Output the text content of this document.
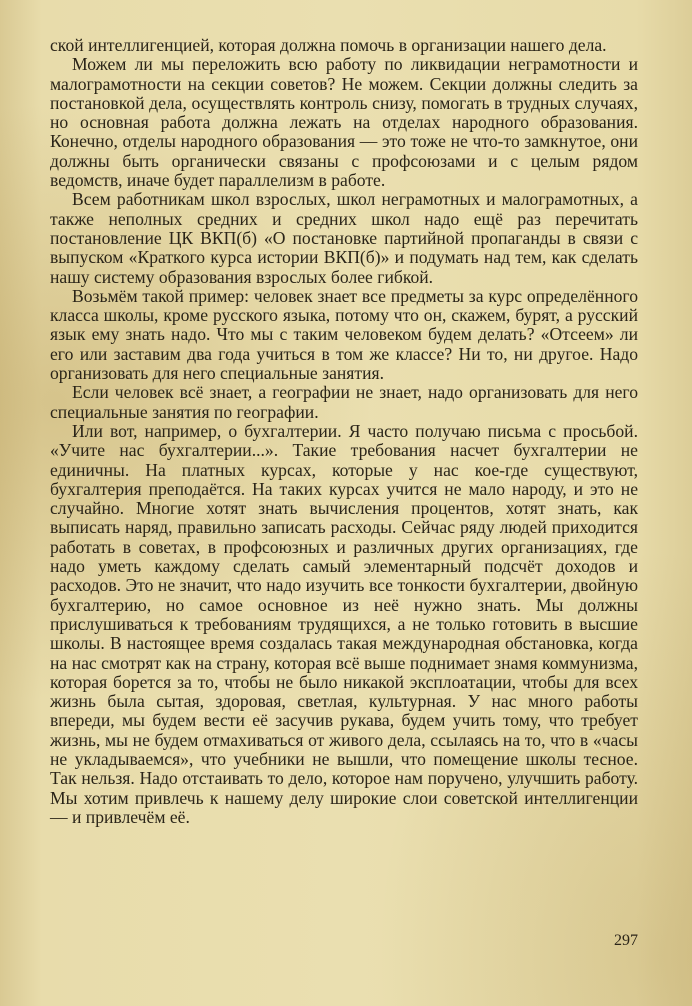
ской интеллигенцией, которая должна помочь в организации нашего дела.

Можем ли мы переложить всю работу по ликвидации неграмотности и малограмотности на секции советов? Не можем. Секции должны следить за постановкой дела, осуществлять контроль снизу, помогать в трудных случаях, но основная работа должна лежать на отделах народного образования. Конечно, отделы народного образования — это тоже не что-то замкнутое, они должны быть органически связаны с профсоюзами и с целым рядом ведомств, иначе будет параллелизм в работе.

Всем работникам школ взрослых, школ неграмотных и малограмотных, а также неполных средних и средних школ надо ещё раз перечитать постановление ЦК ВКП(б) «О постановке партийной пропаганды в связи с выпуском «Краткого курса истории ВКП(б)» и подумать над тем, как сделать нашу систему образования взрослых более гибкой.

Возьмём такой пример: человек знает все предметы за курс определённого класса школы, кроме русского языка, потому что он, скажем, бурят, а русский язык ему знать надо. Что мы с таким человеком будем делать? «Отсеем» ли его или заставим два года учиться в том же классе? Ни то, ни другое. Надо организовать для него специальные занятия.

Если человек всё знает, а географии не знает, надо организовать для него специальные занятия по географии.

Или вот, например, о бухгалтерии. Я часто получаю письма с просьбой. «Учите нас бухгалтерии...». Такие требования насчет бухгалтерии не единичны. На платных курсах, которые у нас кое-где существуют, бухгалтерия преподаётся. На таких курсах учится не мало народу, и это не случайно. Многие хотят знать вычисления процентов, хотят знать, как выписать наряд, правильно записать расходы. Сейчас ряду людей приходится работать в советах, в профсоюзных и различных других организациях, где надо уметь каждому сделать самый элементарный подсчёт доходов и расходов. Это не значит, что надо изучить все тонкости бухгалтерии, двойную бухгалтерию, но самое основное из неё нужно знать. Мы должны прислушиваться к требованиям трудящихся, а не только готовить в высшие школы. В настоящее время создалась такая международная обстановка, когда на нас смотрят как на страну, которая всё выше поднимает знамя коммунизма, которая борется за то, чтобы не было никакой эксплоатации, чтобы для всех жизнь была сытая, здоровая, светлая, культурная. У нас много работы впереди, мы будем вести её засучив рукава, будем учить тому, что требует жизнь, мы не будем отмахиваться от живого дела, ссылаясь на то, что в «часы не укладываемся», что учебники не вышли, что помещение школы тесное. Так нельзя. Надо отстаивать то дело, которое нам поручено, улучшить работу. Мы хотим привлечь к нашему делу широкие слои советской интеллигенции — и привлечём её.

297
